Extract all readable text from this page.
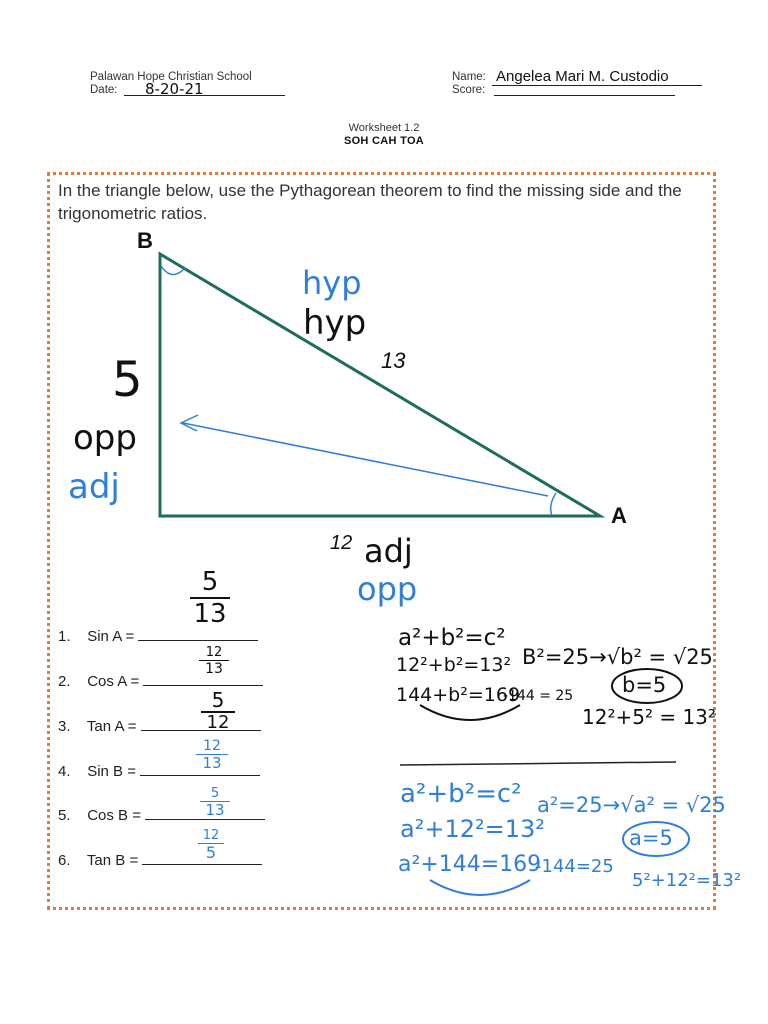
Palawan Hope Christian School
Date: 8-20-21
Name: Angelea Mari M. Custodio
Score:
Worksheet 1.2
SOH CAH TOA
In the triangle below, use the Pythagorean theorem to find the missing side and the trigonometric ratios.
B
A
13
12
5
hyp
hyp
opp
adj
adj
opp
1. Sin A =
2. Cos A =
3. Tan A =
4. Sin B =
5. Cos B =
6. Tan B =
5
13
12
13
5
12
12
13
5
13
12
5
a²+b²=c²
12²+b²=13²
144+b²=169
-144 = 25
B²=25→√b² = √25
b=5
12²+5² = 13²
a²+b²=c²
a²+12²=13²
a²+144=169
-144=25
a²=25→√a² = √25
a=5
5²+12²=13²
